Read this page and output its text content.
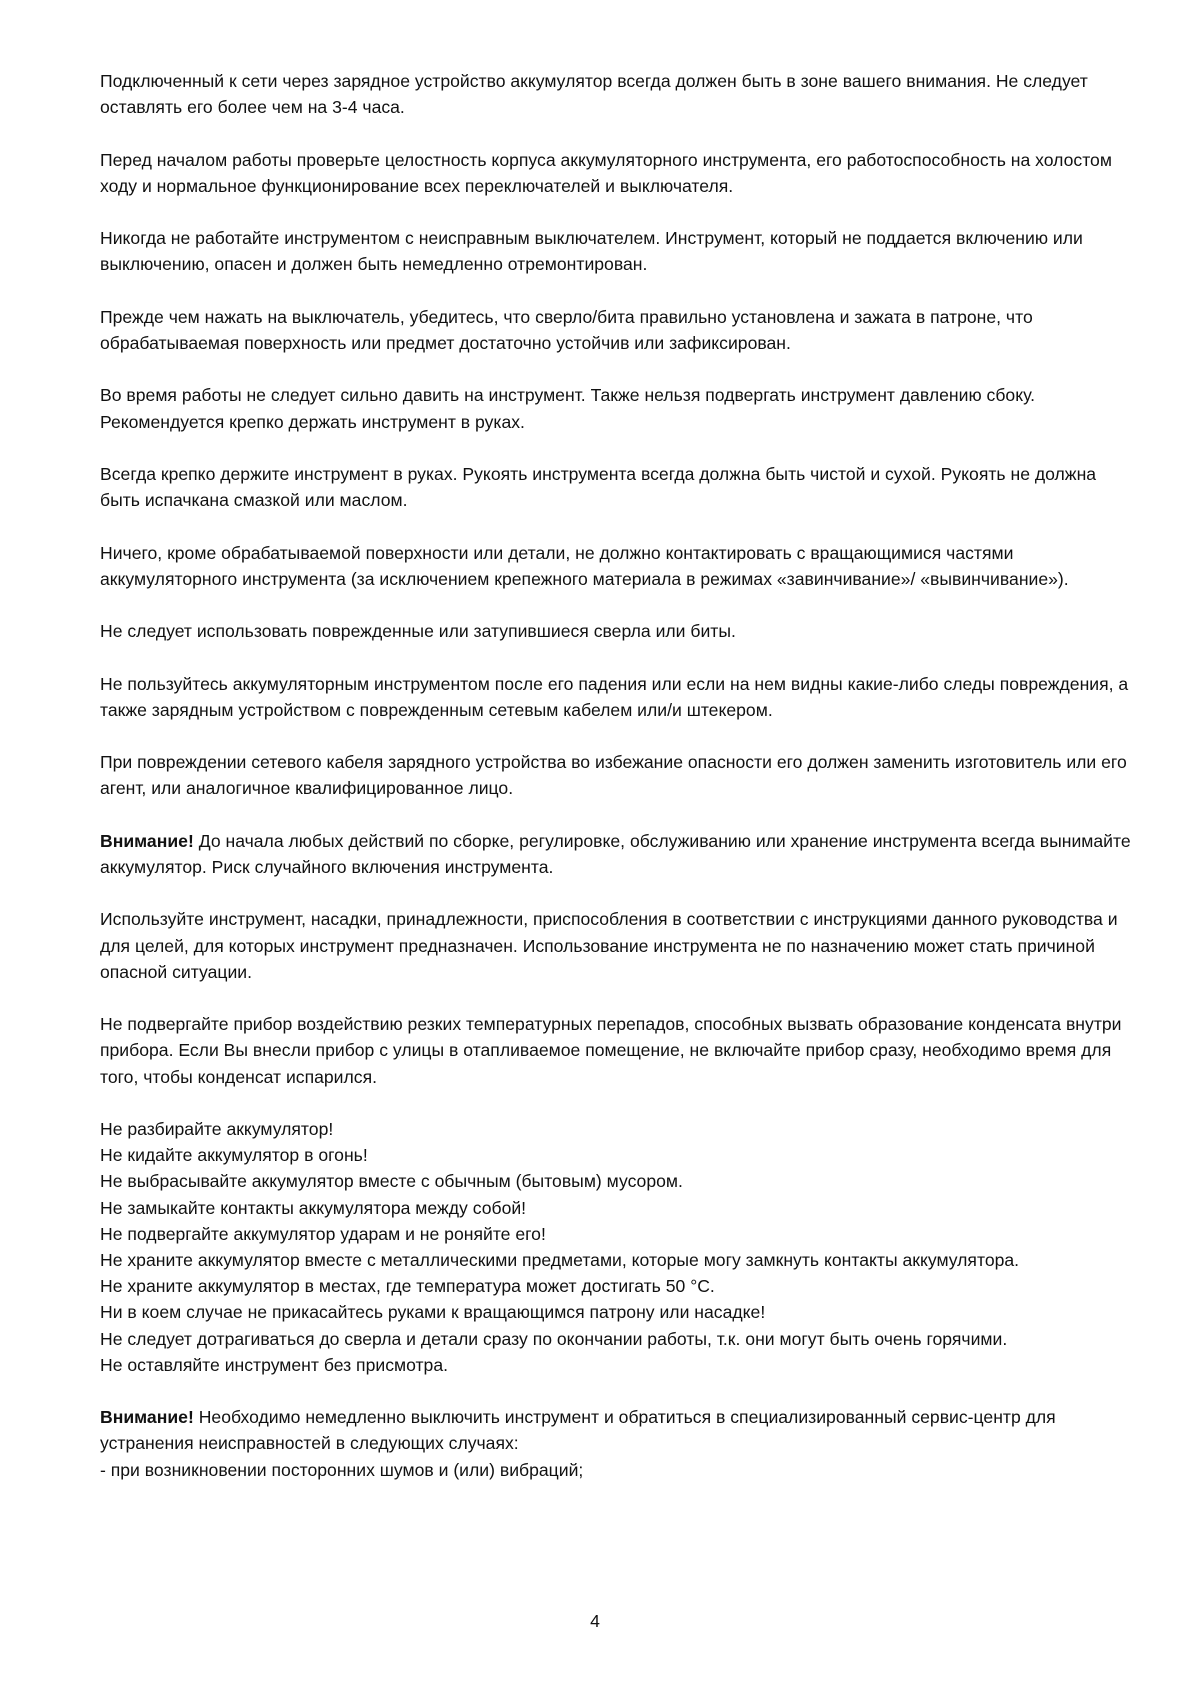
Подключенный к сети через зарядное устройство аккумулятор всегда должен быть в зоне вашего внимания. Не следует оставлять его более чем на 3-4 часа.

Перед началом работы проверьте целостность корпуса аккумуляторного инструмента, его работоспособность на холостом ходу и нормальное функционирование всех переключателей и выключателя.

Никогда не работайте инструментом с неисправным выключателем. Инструмент, который не поддается включению или выключению, опасен и должен быть немедленно отремонтирован.

Прежде чем нажать на выключатель, убедитесь, что сверло/бита правильно установлена и зажата в патроне, что обрабатываемая поверхность или предмет достаточно устойчив или зафиксирован.

Во время работы не следует сильно давить на инструмент. Также нельзя подвергать инструмент давлению сбоку. Рекомендуется крепко держать инструмент в руках.

Всегда крепко держите инструмент в руках. Рукоять инструмента всегда должна быть чистой и сухой. Рукоять не должна быть испачкана смазкой или маслом.

Ничего, кроме обрабатываемой поверхности или детали, не должно контактировать с вращающимися частями аккумуляторного инструмента (за исключением крепежного материала в режимах «завинчивание»/ «вывинчивание»).

Не следует использовать поврежденные или затупившиеся сверла или биты.

Не пользуйтесь аккумуляторным инструментом после его падения или если на нем видны какие-либо следы повреждения, а также зарядным устройством с поврежденным сетевым кабелем или/и штекером.

При повреждении сетевого кабеля зарядного устройства во избежание опасности его должен заменить изготовитель или его агент, или аналогичное квалифицированное лицо.

Внимание! До начала любых действий по сборке, регулировке, обслуживанию или хранение инструмента всегда вынимайте аккумулятор. Риск случайного включения инструмента.

Используйте инструмент, насадки, принадлежности, приспособления в соответствии с инструкциями данного руководства и для целей, для которых инструмент предназначен. Использование инструмента не по назначению может стать причиной опасной ситуации.

Не подвергайте прибор воздействию резких температурных перепадов, способных вызвать образование конденсата внутри прибора. Если Вы внесли прибор с улицы в отапливаемое помещение, не включайте прибор сразу, необходимо время для того, чтобы конденсат испарился.

Не разбирайте аккумулятор!
Не кидайте аккумулятор в огонь!
Не выбрасывайте аккумулятор вместе с обычным (бытовым) мусором.
Не замыкайте контакты аккумулятора между собой!
Не подвергайте аккумулятор ударам и не роняйте его!
Не храните аккумулятор вместе с металлическими предметами, которые могу замкнуть контакты аккумулятора.
Не храните аккумулятор в местах, где температура может достигать 50 °С.
Ни в коем случае не прикасайтесь руками к вращающимся патрону или насадке!
Не следует дотрагиваться до сверла и детали сразу по окончании работы, т.к. они могут быть очень горячими.
Не оставляйте инструмент без присмотра.

Внимание! Необходимо немедленно выключить инструмент и обратиться в специализированный сервис-центр для устранения неисправностей в следующих случаях:

- при возникновении посторонних шумов и (или) вибраций;

4
